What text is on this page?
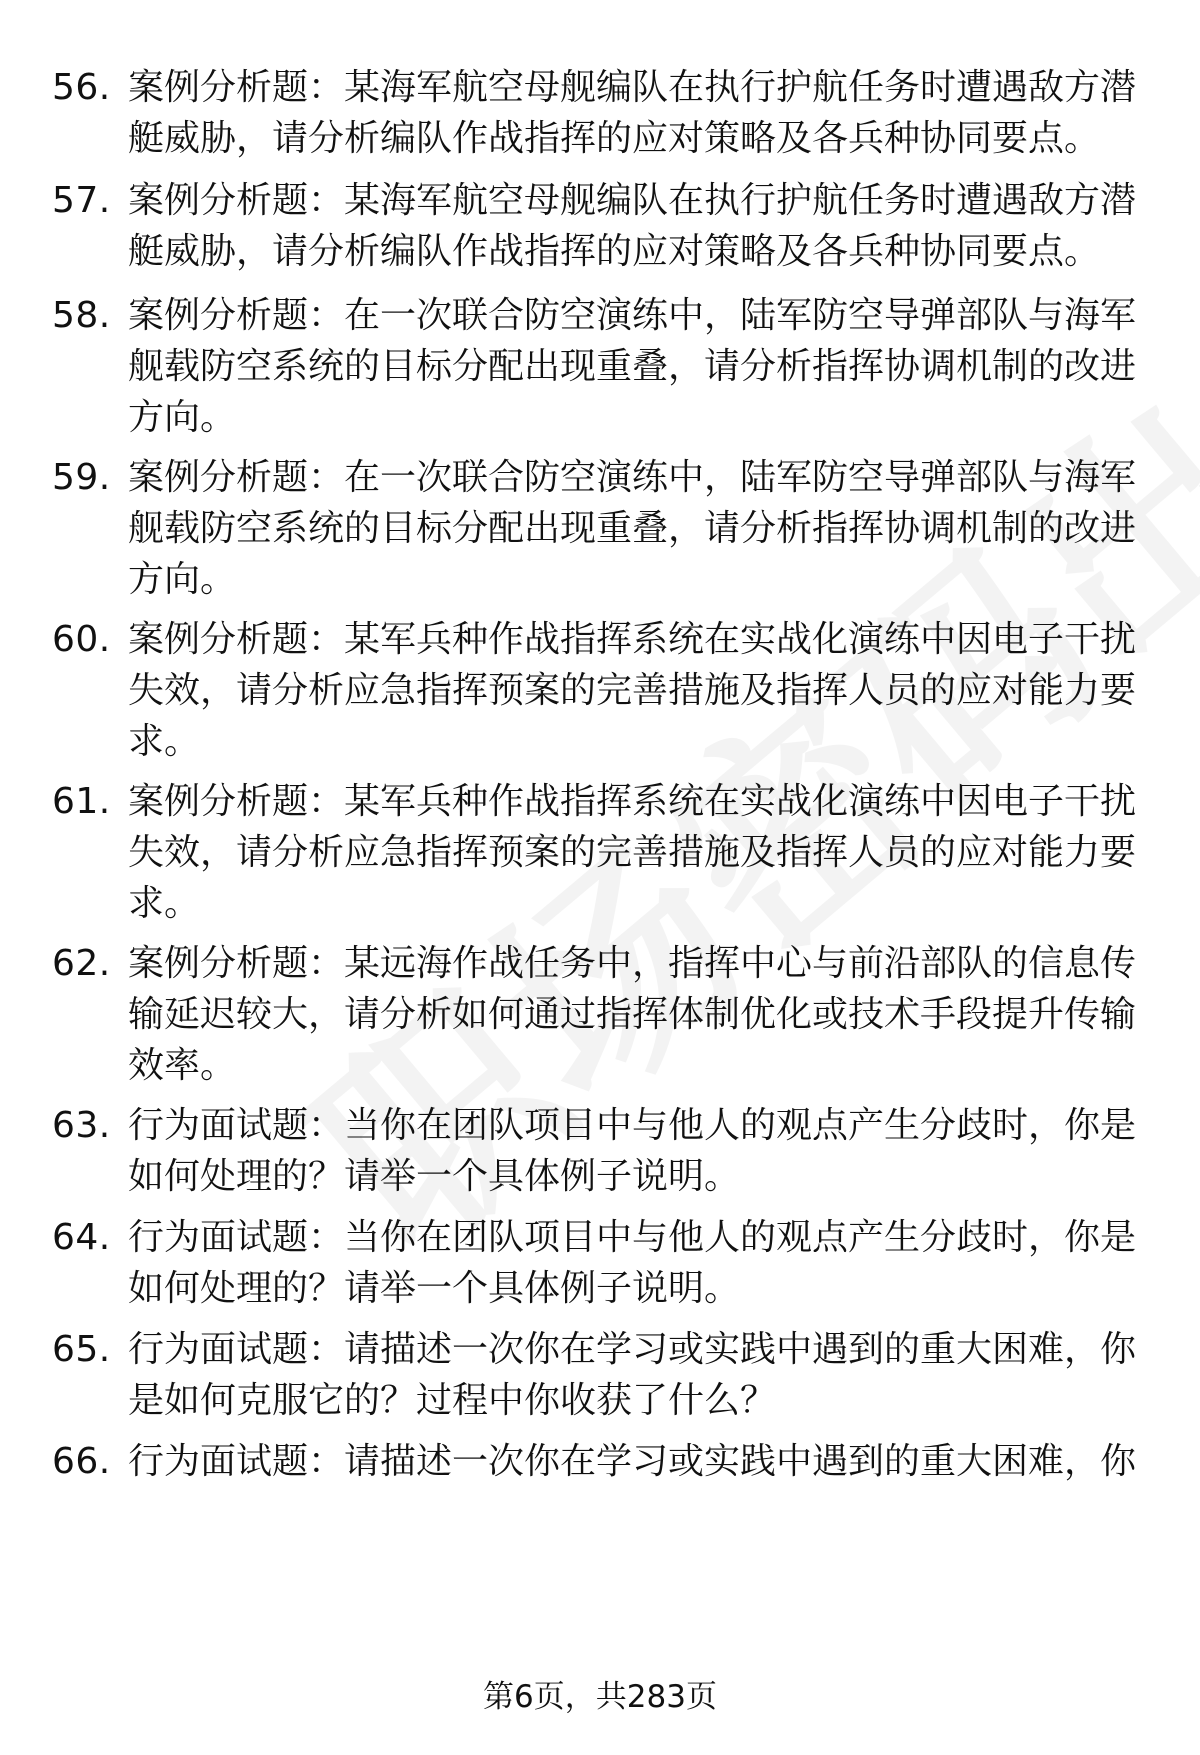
56. 案例分析题：某海军航空母舰编队在执行护航任务时遭遇敌方潜艇威胁，请分析编队作战指挥的应对策略及各兵种协同要点。
57. 案例分析题：某海军航空母舰编队在执行护航任务时遭遇敌方潜艇威胁，请分析编队作战指挥的应对策略及各兵种协同要点。
58. 案例分析题：在一次联合防空演练中，陆军防空导弹部队与海军舰载防空系统的目标分配出现重叠，请分析指挥协调机制的改进方向。
59. 案例分析题：在一次联合防空演练中，陆军防空导弹部队与海军舰载防空系统的目标分配出现重叠，请分析指挥协调机制的改进方向。
60. 案例分析题：某军兵种作战指挥系统在实战化演练中因电子干扰失效，请分析应急指挥预案的完善措施及指挥人员的应对能力要求。
61. 案例分析题：某军兵种作战指挥系统在实战化演练中因电子干扰失效，请分析应急指挥预案的完善措施及指挥人员的应对能力要求。
62. 案例分析题：某远海作战任务中，指挥中心与前沿部队的信息传输延迟较大，请分析如何通过指挥体制优化或技术手段提升传输效率。
63. 行为面试题：当你在团队项目中与他人的观点产生分歧时，你是如何处理的？请举一个具体例子说明。
64. 行为面试题：当你在团队项目中与他人的观点产生分歧时，你是如何处理的？请举一个具体例子说明。
65. 行为面试题：请描述一次你在学习或实践中遇到的重大困难，你是如何克服它的？过程中你收获了什么？
66. 行为面试题：请描述一次你在学习或实践中遇到的重大困难，你
第6页，共283页
